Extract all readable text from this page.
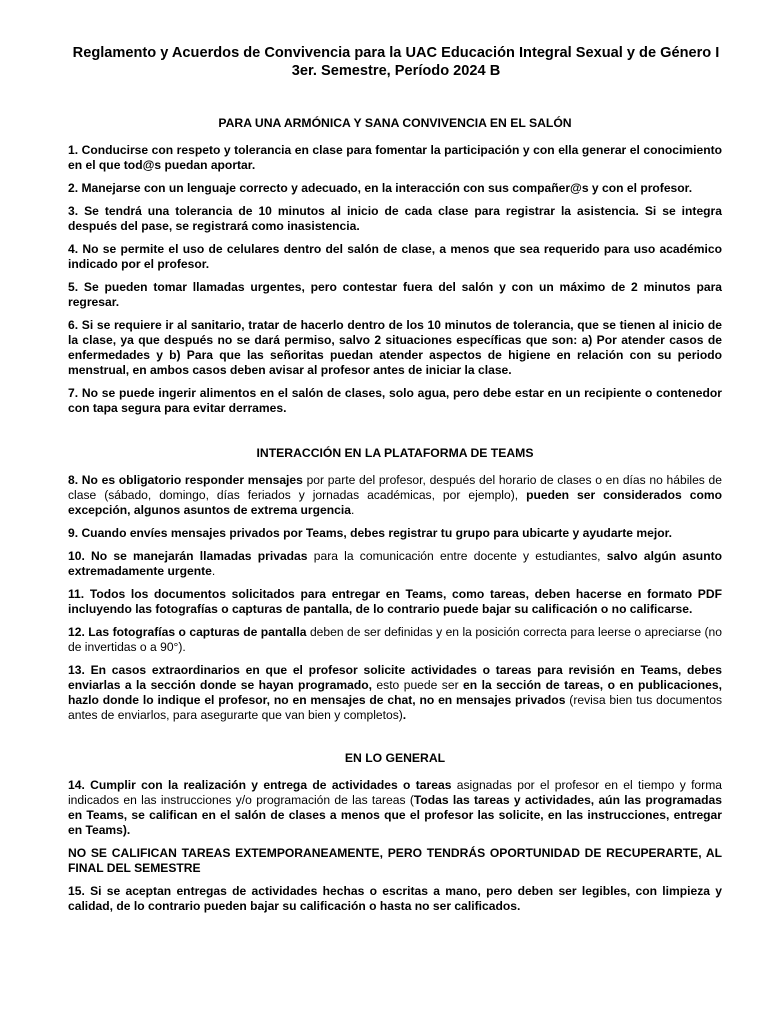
Reglamento y Acuerdos de Convivencia para la UAC Educación Integral Sexual y de Género I
3er. Semestre, Período 2024 B
PARA UNA ARMÓNICA Y SANA CONVIVENCIA EN EL SALÓN
1. Conducirse con respeto y tolerancia en clase para fomentar la participación y con ella generar el conocimiento en el que tod@s puedan aportar.
2. Manejarse con un lenguaje correcto y adecuado, en la interacción con sus compañer@s y con el profesor.
3. Se tendrá una tolerancia de 10 minutos al inicio de cada clase para registrar la asistencia. Si se integra después del pase, se registrará como inasistencia.
4. No se permite el uso de celulares dentro del salón de clase, a menos que sea requerido para uso académico indicado por el profesor.
5. Se pueden tomar llamadas urgentes, pero contestar fuera del salón y con un máximo de 2 minutos para regresar.
6. Si se requiere ir al sanitario, tratar de hacerlo dentro de los 10 minutos de tolerancia, que se tienen al inicio de la clase, ya que después no se dará permiso, salvo 2 situaciones específicas que son: a) Por atender casos de enfermedades y b) Para que las señoritas puedan atender aspectos de higiene en relación con su periodo menstrual, en ambos casos deben avisar al profesor antes de iniciar la clase.
7. No se puede ingerir alimentos en el salón de clases, solo agua, pero debe estar en un recipiente o contenedor con tapa segura para evitar derrames.
INTERACCIÓN EN LA PLATAFORMA DE TEAMS
8. No es obligatorio responder mensajes por parte del profesor, después del horario de clases o en días no hábiles de clase (sábado, domingo, días feriados y jornadas académicas, por ejemplo), pueden ser considerados como excepción, algunos asuntos de extrema urgencia.
9. Cuando envíes mensajes privados por Teams, debes registrar tu grupo para ubicarte y ayudarte mejor.
10. No se manejarán llamadas privadas para la comunicación entre docente y estudiantes, salvo algún asunto extremadamente urgente.
11. Todos los documentos solicitados para entregar en Teams, como tareas, deben hacerse en formato PDF incluyendo las fotografías o capturas de pantalla, de lo contrario puede bajar su calificación o no calificarse.
12. Las fotografías o capturas de pantalla deben de ser definidas y en la posición correcta para leerse o apreciarse (no de invertidas o a 90°).
13. En casos extraordinarios en que el profesor solicite actividades o tareas para revisión en Teams, debes enviarlas a la sección donde se hayan programado, esto puede ser en la sección de tareas, o en publicaciones, hazlo donde lo indique el profesor, no en mensajes de chat, no en mensajes privados (revisa bien tus documentos antes de enviarlos, para asegurarte que van bien y completos).
EN LO GENERAL
14. Cumplir con la realización y entrega de actividades o tareas asignadas por el profesor en el tiempo y forma indicados en las instrucciones y/o programación de las tareas (Todas las tareas y actividades, aún las programadas en Teams, se califican en el salón de clases a menos que el profesor las solicite, en las instrucciones, entregar en Teams).
NO SE CALIFICAN TAREAS EXTEMPORANEAMENTE, PERO TENDRÁS OPORTUNIDAD DE RECUPERARTE, AL FINAL DEL SEMESTRE
15. Si se aceptan entregas de actividades hechas o escritas a mano, pero deben ser legibles, con limpieza y calidad, de lo contrario pueden bajar su calificación o hasta no ser calificados.
